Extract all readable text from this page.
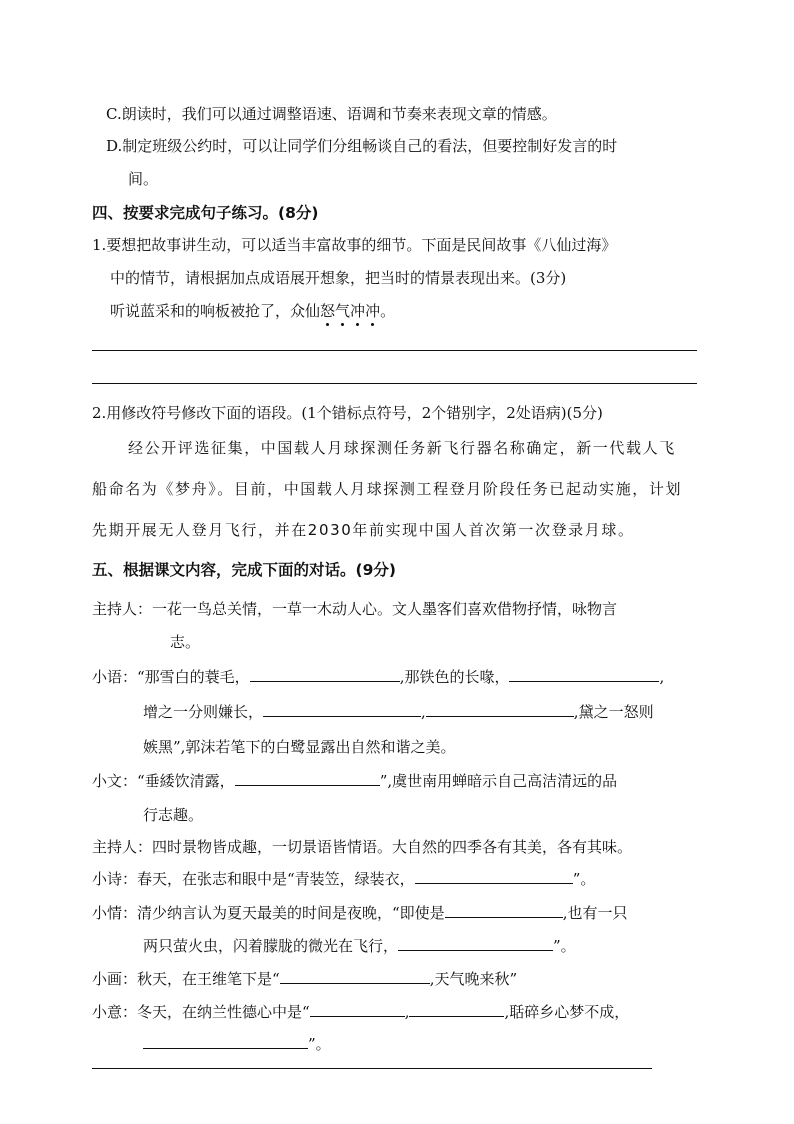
C.朗读时，我们可以通过调整语速、语调和节奏来表现文章的情感。
D.制定班级公约时，可以让同学们分组畅谈自己的看法，但要控制好发言的时
间。
四、按要求完成句子练习。(8分)
1.要想把故事讲生动，可以适当丰富故事的细节。下面是民间故事《八仙过海》
中的情节，请根据加点成语展开想象，把当时的情景表现出来。(3分)
听说蓝采和的响板被抢了，众仙怒气冲冲。
2.用修改符号修改下面的语段。(1个错标点符号，2个错别字，2处语病)(5分)
经公开评选征集，中国载人月球探测任务新飞行器名称确定，新一代载人飞
船命名为《梦舟》。目前，中国载人月球探测工程登月阶段任务已起动实施，计划
先期开展无人登月飞行，并在2030年前实现中国人首次第一次登录月球。
五、根据课文内容，完成下面的对话。(9分)
主持人：一花一鸟总关情，一草一木动人心。文人墨客们喜欢借物抒情，咏物言
志。
小语：“那雪白的蓑毛，	,那铁色的长喙，	,
增之一分则嫌长，	,	,黛之一怒则
嫉黑”,郭沫若笔下的白鹭显露出自然和谐之美。
小文：“垂緌饮清露，	”,虞世南用蝉暗示自己高洁清远的品
行志趣。
主持人：四时景物皆成趣，一切景语皆情语。大自然的四季各有其美，各有其味。
小诗：春天，在张志和眼中是“青装笠，绿装衣，	”。
小情：清少纳言认为夏天最美的时间是夜晚，“即使是	,也有一只
两只萤火虫，闪着朦胧的微光在飞行，	”。
小画：秋天，在王维笔下是“	,天气晚来秋”
小意：冬天，在纳兰性德心中是“	,	,聒碎乡心梦不成，
”。
